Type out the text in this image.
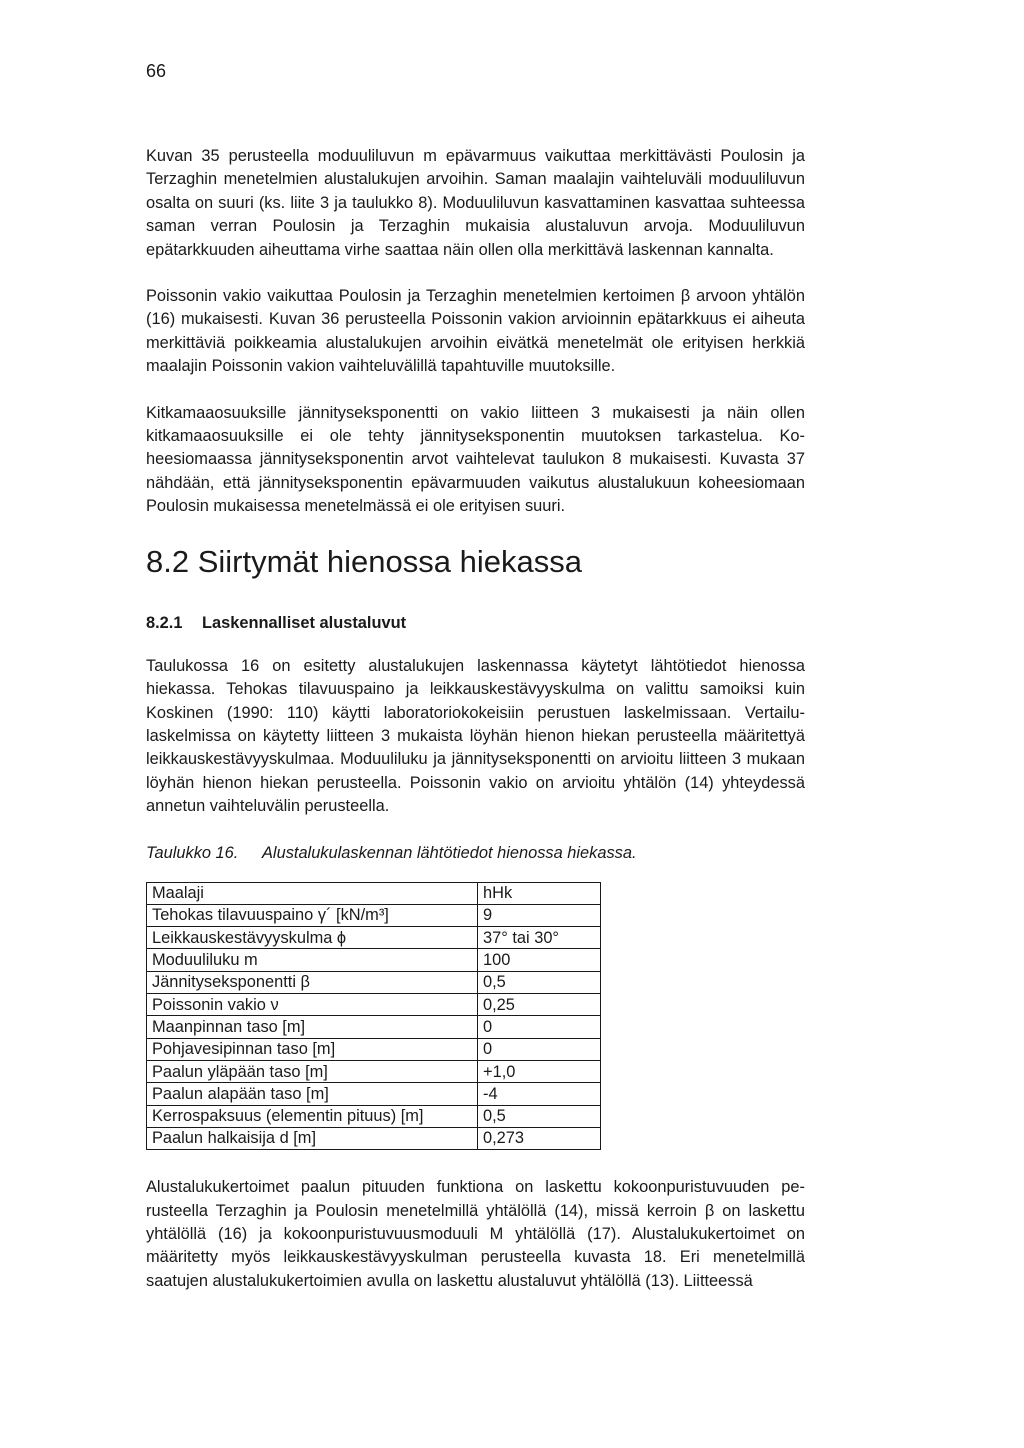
66

Kuvan 35 perusteella moduuliluvun m epävarmuus vaikuttaa merkittävästi Poulosin ja Terzaghin menetelmien alustalukujen arvoihin. Saman maalajin vaihteluväli moduuliluvun osalta on suuri (ks. liite 3 ja taulukko 8). Moduuliluvun kasvattaminen kasvattaa suhteessa saman verran Poulosin ja Terzaghin mukaisia alustaluvun arvoja. Moduuliluvun epätarkkuuden aiheuttama virhe saattaa näin ollen olla merkittävä laskennan kannalta.

Poissonin vakio vaikuttaa Poulosin ja Terzaghin menetelmien kertoimen β arvoon yhtälön (16) mukaisesti. Kuvan 36 perusteella Poissonin vakion arvioinnin epätarkkuus ei aiheuta merkittäviä poikkeamia alustalukujen arvoihin eivätkä menetelmät ole erityisen herkkiä maalajin Poissonin vakion vaihteluvälillä tapahtuville muutoksille.

Kitkamaaosuuksille jännityseksponentti on vakio liitteen 3 mukaisesti ja näin ollen kitkamaaosuuksille ei ole tehty jännityseksponentin muutoksen tarkastelua. Koheesiomaassa jännityseksponentin arvot vaihtelevat taulukon 8 mukaisesti. Kuvasta 37 nähdään, että jännityseksponentin epävarmuuden vaikutus alustalukuun koheesiomaan Poulosin mukaisessa menetelmässä ei ole erityisen suuri.

8.2 Siirtymät hienossa hiekassa
8.2.1 Laskennalliset alustaluvut

Taulukossa 16 on esitetty alustalukujen laskennassa käytetyt lähtötiedot hienossa hiekassa. Tehokas tilavuuspaino ja leikkauskestävyyskulma on valittu samoiksi kuin Koskinen (1990: 110) käytti laboratoriokokeisiin perustuen laskelmissaan. Vertailulaskelmissa on käytetty liitteen 3 mukaista löyhän hienon hiekan perusteella määritettyä leikkauskestävyyskulmaa. Moduuliluku ja jännityseksponentti on arvioitu liitteen 3 mukaan löyhän hienon hiekan perusteella. Poissonin vakio on arvioitu yhtälön (14) yhteydessä annetun vaihteluvälin perusteella.

Taulukko 16. Alustalukulaskennan lähtötiedot hienossa hiekassa.
Maalaji	hHk
Tehokas tilavuuspaino γ´ [kN/m³]	9
Leikkauskestävyyskulma ϕ	37° tai 30°
Moduuliluku m	100
Jännityseksponentti β	0,5
Poissonin vakio ν	0,25
Maanpinnan taso [m]	0
Pohjavesipinnan taso [m]	0
Paalun yläpään taso [m]	+1,0
Paalun alapään taso [m]	-4
Kerrospaksuus (elementin pituus) [m]	0,5
Paalun halkaisija d [m]	0,273

Alustalukukertoimet paalun pituuden funktiona on laskettu kokoonpuristuvuuden perusteella Terzaghin ja Poulosin menetelmillä yhtälöllä (14), missä kerroin β on laskettu yhtälöllä (16) ja kokoonpuristuvuusmoduuli M yhtälöllä (17). Alustalukukertoimet on määritetty myös leikkauskestävyyskulman perusteella kuvasta 18. Eri menetelmillä saatujen alustalukukertoimien avulla on laskettu alustaluvut yhtälöllä (13). Liitteessä
